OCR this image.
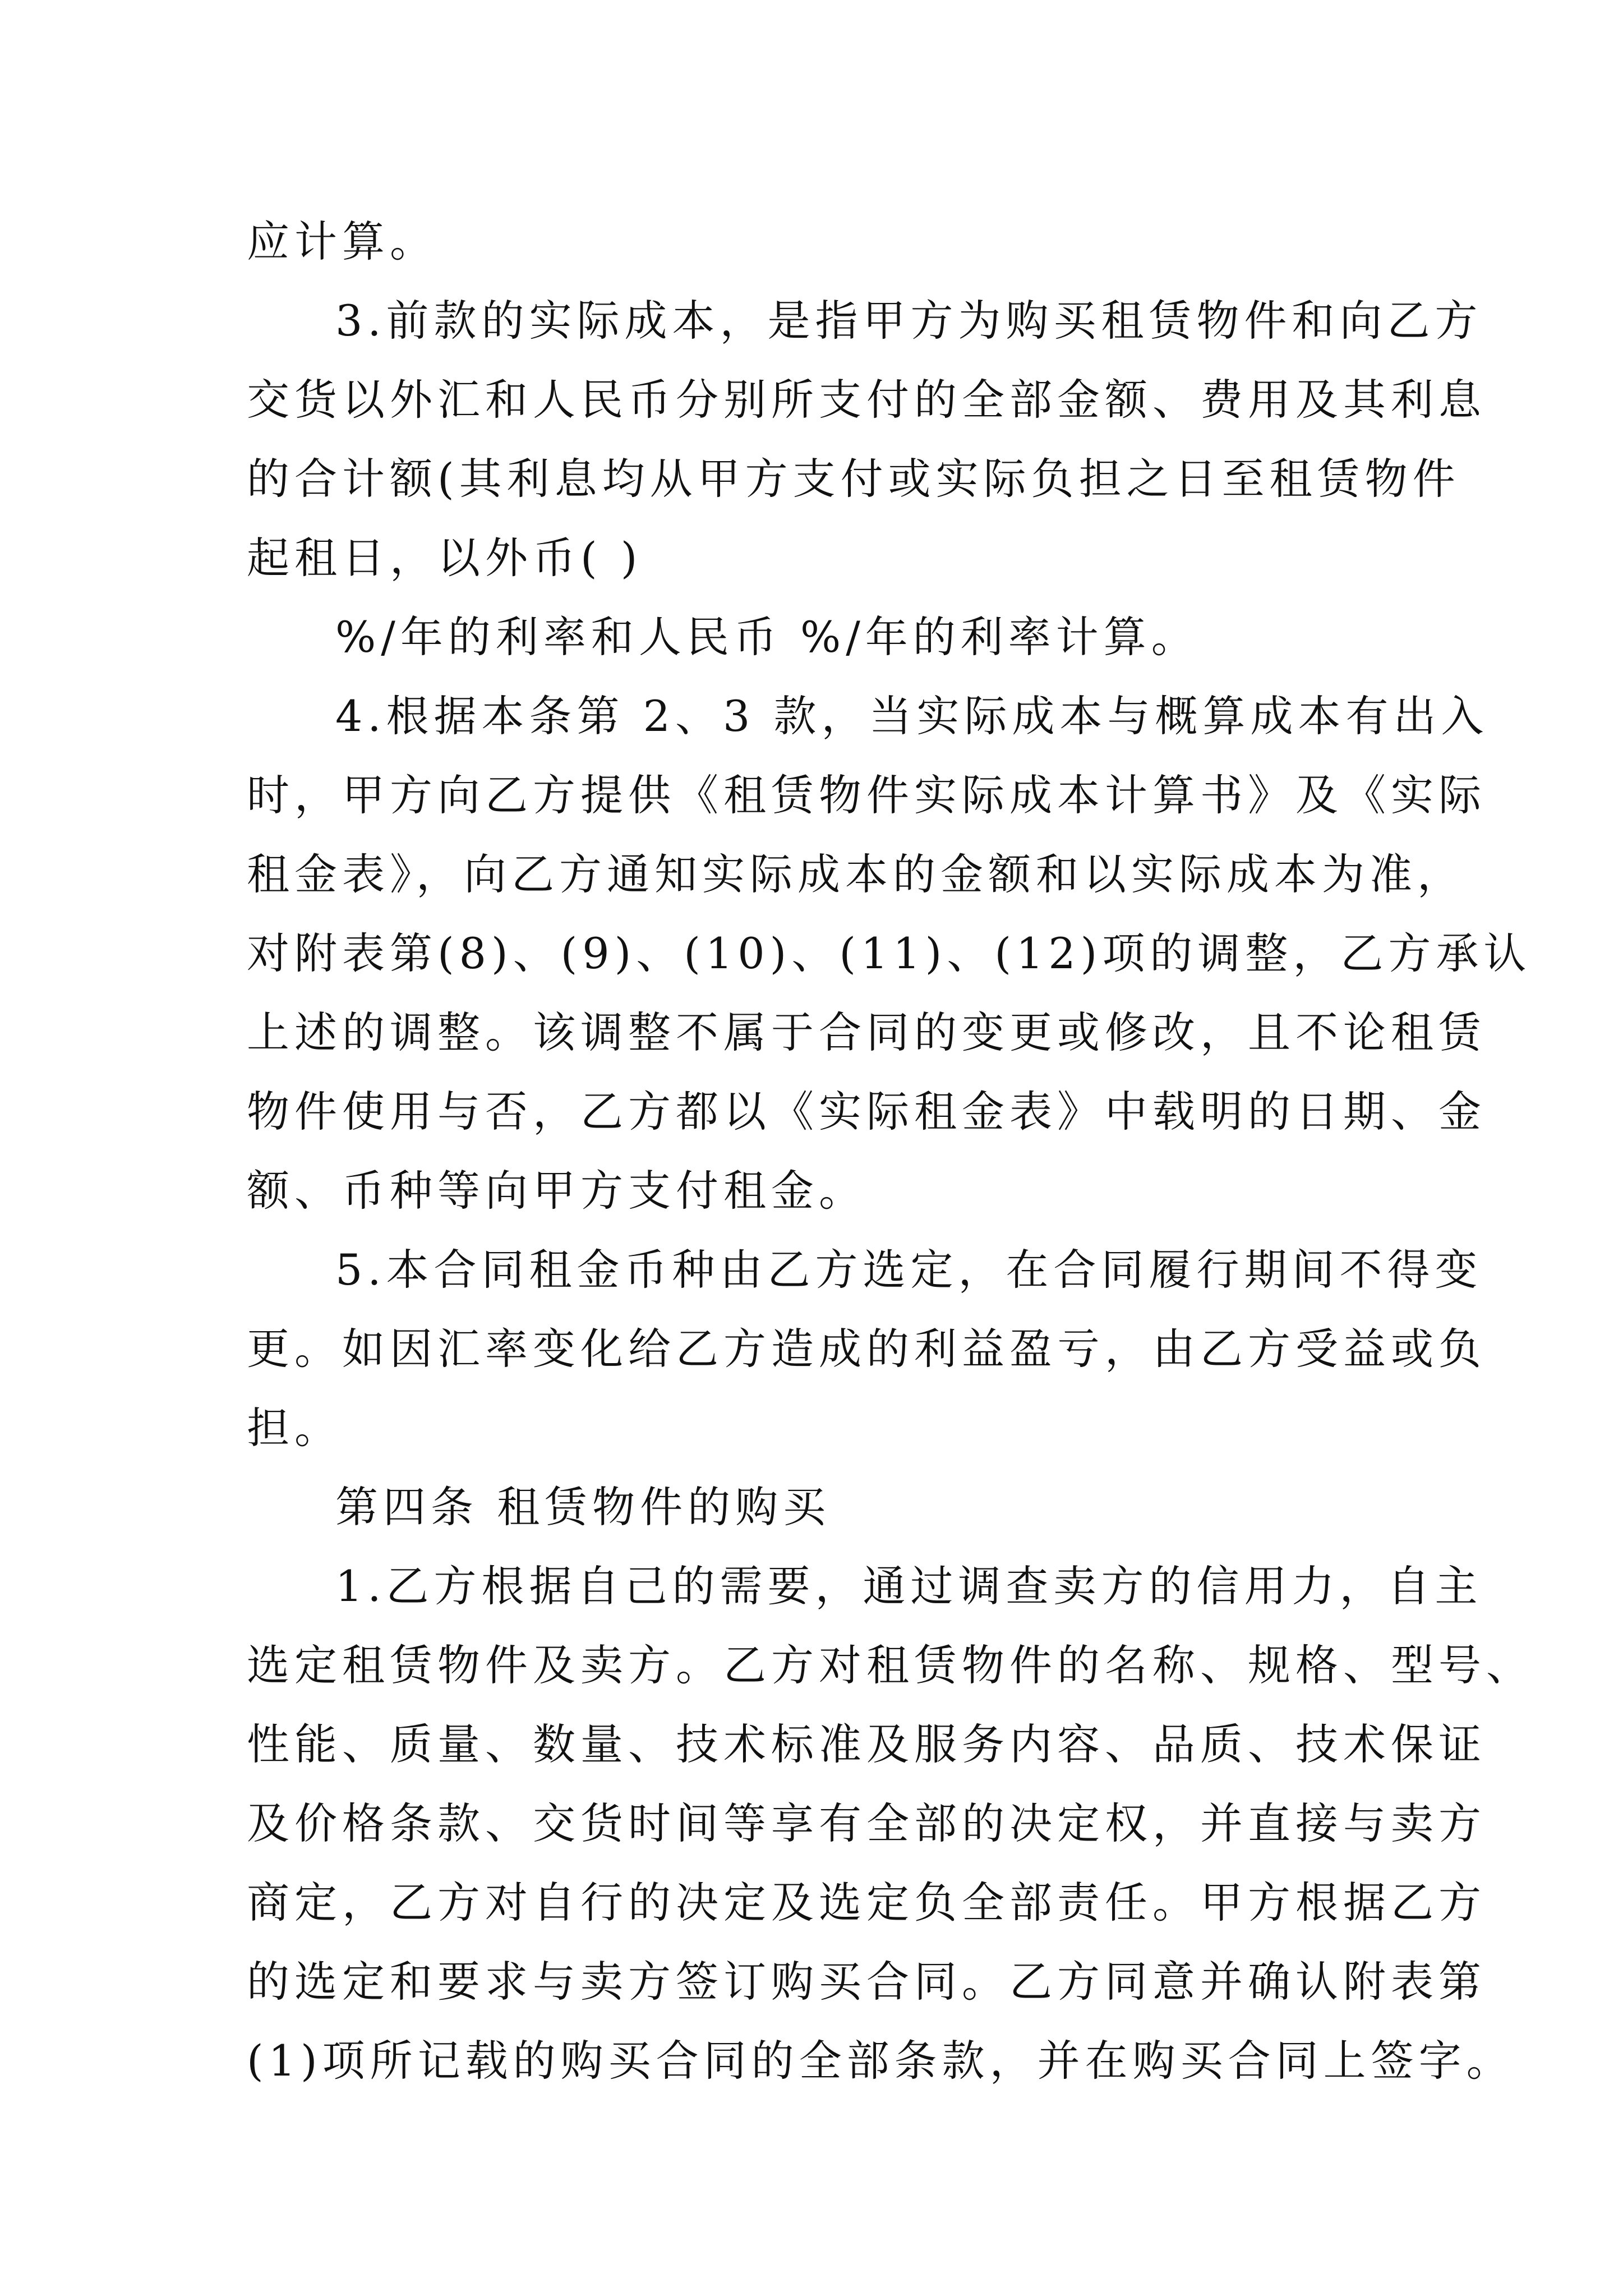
应计算。
3.前款的实际成本，是指甲方为购买租赁物件和向乙方
交货以外汇和人民币分别所支付的全部金额、费用及其利息
的合计额(其利息均从甲方支付或实际负担之日至租赁物件
起租日，以外币( )
%/年的利率和人民币 %/年的利率计算。
4.根据本条第 2、3 款，当实际成本与概算成本有出入
时，甲方向乙方提供《租赁物件实际成本计算书》及《实际
租金表》，向乙方通知实际成本的金额和以实际成本为准，
对附表第(8)、(9)、(10)、(11)、(12)项的调整，乙方承认
上述的调整。该调整不属于合同的变更或修改，且不论租赁
物件使用与否，乙方都以《实际租金表》中载明的日期、金
额、币种等向甲方支付租金。
5.本合同租金币种由乙方选定，在合同履行期间不得变
更。如因汇率变化给乙方造成的利益盈亏，由乙方受益或负
担。
第四条 租赁物件的购买
1.乙方根据自己的需要，通过调查卖方的信用力，自主
选定租赁物件及卖方。乙方对租赁物件的名称、规格、型号、
性能、质量、数量、技术标准及服务内容、品质、技术保证
及价格条款、交货时间等享有全部的决定权，并直接与卖方
商定，乙方对自行的决定及选定负全部责任。甲方根据乙方
的选定和要求与卖方签订购买合同。乙方同意并确认附表第
(1)项所记载的购买合同的全部条款，并在购买合同上签字。
